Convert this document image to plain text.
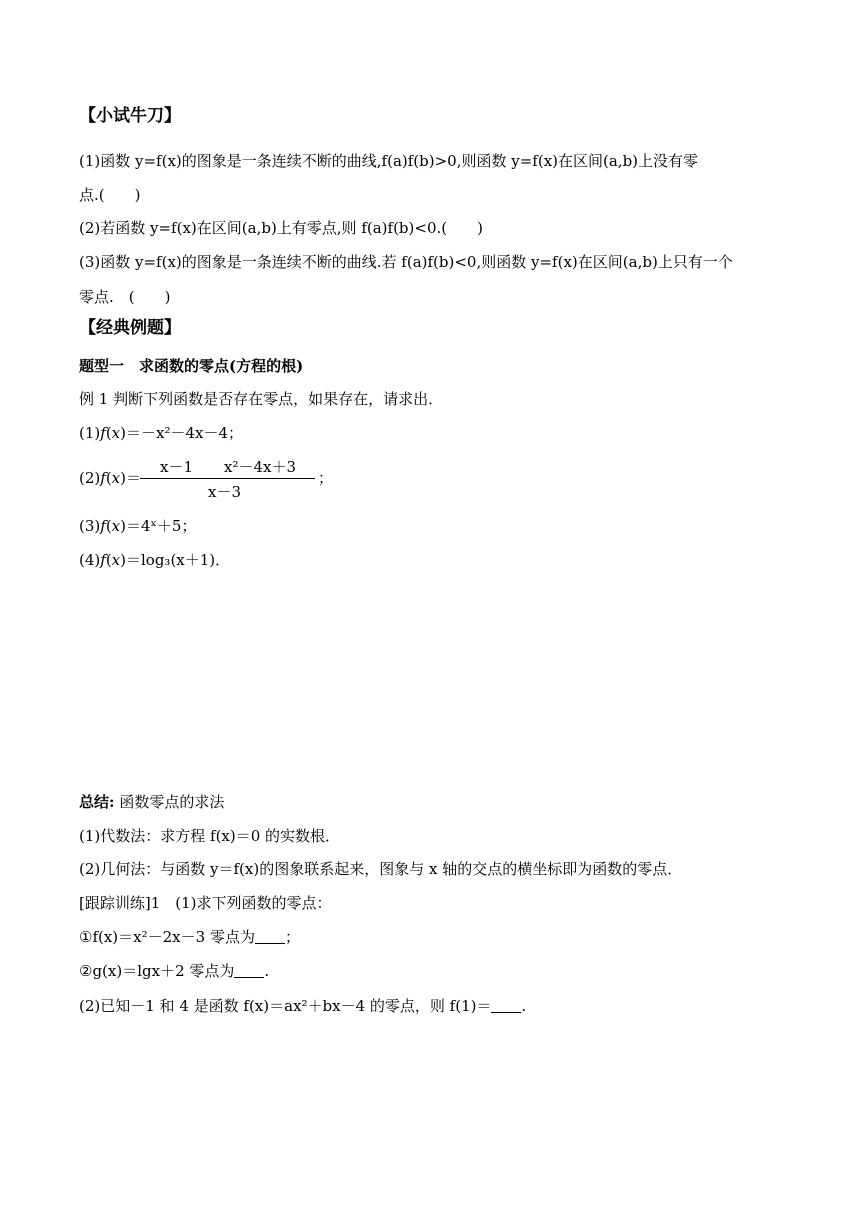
【小试牛刀】
(1)函数 y=f(x)的图象是一条连续不断的曲线,f(a)f(b)>0,则函数 y=f(x)在区间(a,b)上没有零
点.(　　)
(2)若函数 y=f(x)在区间(a,b)上有零点,则 f(a)f(b)<0.(　　)
(3)函数 y=f(x)的图象是一条连续不断的曲线.若 f(a)f(b)<0,则函数 y=f(x)在区间(a,b)上只有一个
零点.　(　　)
【经典例题】
题型一　求函数的零点(方程的根)
例 1 判断下列函数是否存在零点，如果存在，请求出．
(1)f(x)＝－x²－4x－4；
(2)f(x)＝
x－1 x²－4x＋3
；
x－3
(3)f(x)＝4ˣ＋5；
(4)f(x)＝log₃(x＋1)．
总结: 函数零点的求法
(1)代数法：求方程 f(x)＝0 的实数根．
(2)几何法：与函数 y＝f(x)的图象联系起来，图象与 x 轴的交点的横坐标即为函数的零点．
[跟踪训练]1　(1)求下列函数的零点：
①f(x)＝x²－2x－3 零点为 ；
②g(x)＝lgx＋2 零点为 .
(2)已知－1 和 4 是函数 f(x)＝ax²＋bx－4 的零点，则 f(1)＝ .
